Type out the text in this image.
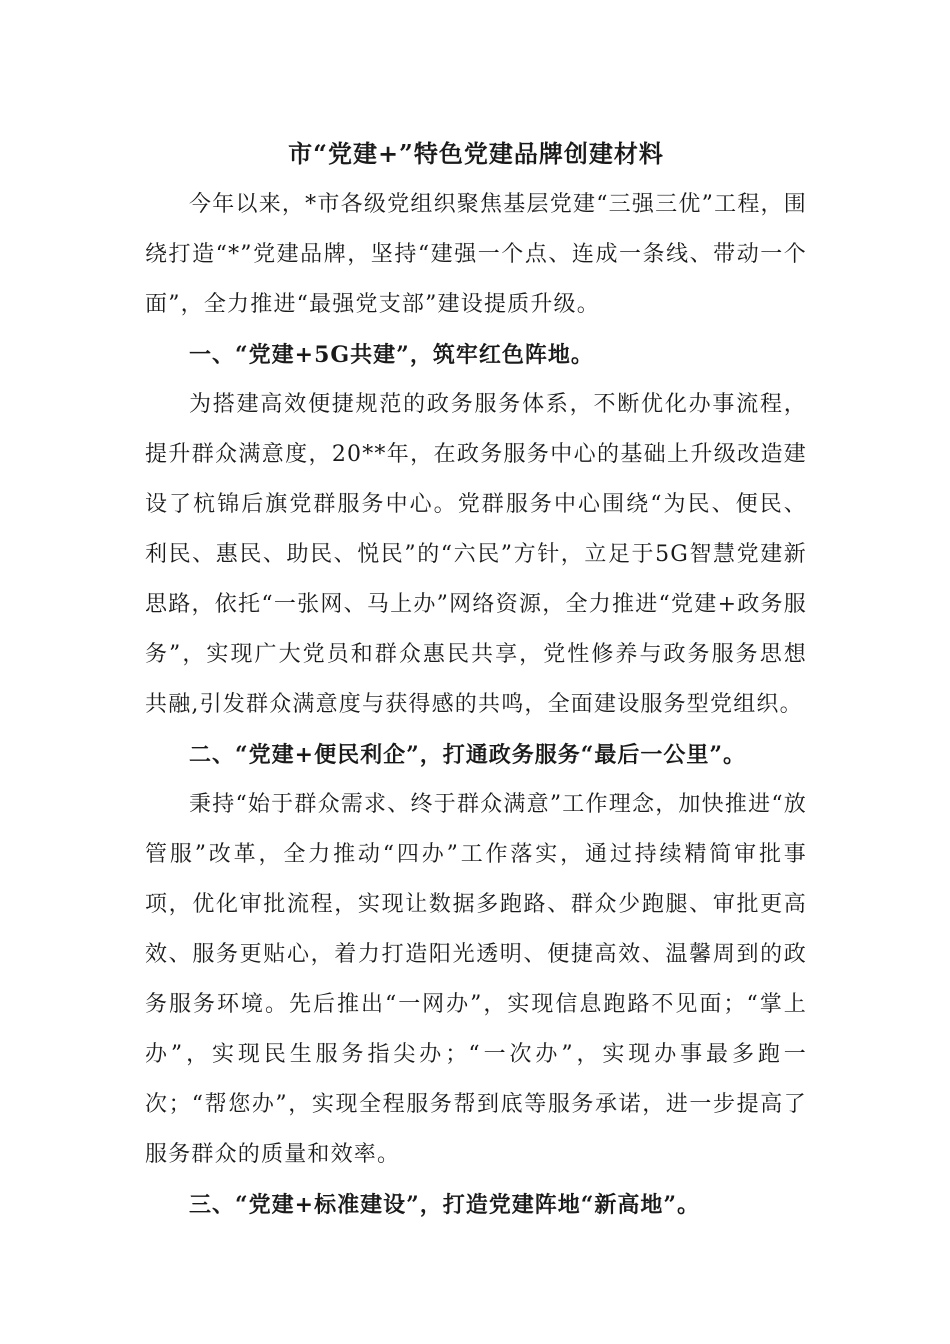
市“党建+”特色党建品牌创建材料

今年以来，*市各级党组织聚焦基层党建“三强三优”工程，围绕打造“*”党建品牌，坚持“建强一个点、连成一条线、带动一个面”，全力推进“最强党支部”建设提质升级。

一、“党建+5G共建”，筑牢红色阵地。

为搭建高效便捷规范的政务服务体系，不断优化办事流程，提升群众满意度，20**年，在政务服务中心的基础上升级改造建设了杭锦后旗党群服务中心。党群服务中心围绕“为民、便民、利民、惠民、助民、悦民”的“六民”方针，立足于5G智慧党建新思路，依托“一张网、马上办”网络资源，全力推进“党建+政务服务”，实现广大党员和群众惠民共享，党性修养与政务服务思想共融,引发群众满意度与获得感的共鸣，全面建设服务型党组织。

二、“党建+便民利企”，打通政务服务“最后一公里”。

秉持“始于群众需求、终于群众满意”工作理念，加快推进“放管服”改革，全力推动“四办”工作落实，通过持续精简审批事项，优化审批流程，实现让数据多跑路、群众少跑腿、审批更高效、服务更贴心，着力打造阳光透明、便捷高效、温馨周到的政务服务环境。先后推出“一网办”，实现信息跑路不见面；“掌上办”，实现民生服务指尖办；“一次办”，实现办事最多跑一次；“帮您办”，实现全程服务帮到底等服务承诺，进一步提高了服务群众的质量和效率。

三、“党建+标准建设”，打造党建阵地“新高地”。
